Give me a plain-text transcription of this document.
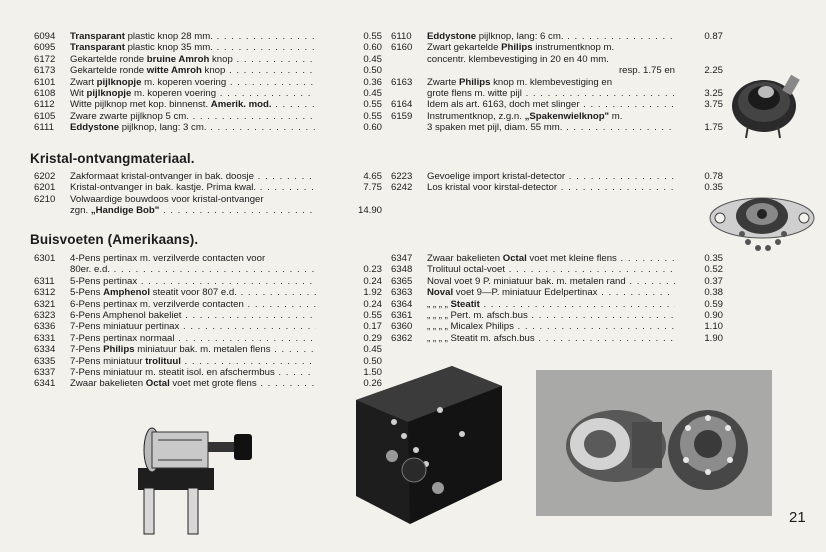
6094 Transparant plastic knop 28 mm. . . .	0.55
6095 Transparant plastic knop 35 mm. . . .	0.60
6172 Gekartelde ronde bruine Amroh knop . . .	0.45
6173 Gekartelde ronde witte Amroh knop . . .	0.50
6101 Zwart pijlknopje m. koperen voering . . .	0.36
6108 Wit pijlknopje m. koperen voering . . .	0.45
6112 Witte pijlknop met kop. binnenst. Amerik. mod. . . .	0.55
6105 Zware zwarte pijlknop 5 cm. . . .	0.55
6111 Eddystone pijlknop, lang: 3 cm. . . .	0.60
6110 Eddystone pijlknop, lang: 6 cm. . . .	0.87
6160 Zwart gekartelde Philips instrumentknop m.
concentr. klembevestiging in 20 en 40 mm.
resp. 1.75 en	2.25
6163 Zwarte Philips knop m. klembevestiging en
grote flens m. witte pijl . . .	3.25
6164 Idem als art. 6163, doch met slinger . . .	3.75
6159 Instrumentknop, z.g.n. „Spakenwielknop" m.
3 spaken met pijl, diam. 55 mm. . . .	1.75
Kristal-ontvangmateriaal.
6202 Zakformaat kristal-ontvanger in bak. doosje . . .	4.65
6201 Kristal-ontvanger in bak. kastje. Prima kwal. . . .	7.75
6210 Volwaardige bouwdoos voor kristal-ontvanger
zgn. „Handige Bob" . . .	14.90
6223 Gevoelige import kristal-detector . . .	0.78
6242 Los kristal voor kirstal-detector . . .	0.35
Buisvoeten (Amerikaans).
6301 4-Pens pertinax m. verzilverde contacten voor
80er. e.d. . . .	0.23
6311 5-Pens pertinax . . .	0.24
6312 5-Pens Amphenol steatit voor 807 e.d. . . .	1.92
6321 6-Pens pertinax m. verzilverde contacten . . .	0.24
6323 6-Pens Amphenol bakeliet . . .	0.55
6336 7-Pens miniatuur pertinax . . .	0.17
6331 7-Pens pertinax normaal . . .	0.29
6334 7-Pens Philips miniatuur bak. m. metalen flens . . .	0.45
6335 7-Pens miniatuur trolituul . . .	0.50
6337 7-Pens miniatuur m. steatit isol. en afschermbus . . .	1.50
6341 Zwaar bakelieten Octal voet met grote flens . . .	0.26
6347 Zwaar bakelieten Octal voet met kleine flens . . .	0.35
6348 Trolituul octal-voet . . .	0.52
6365 Noval voet 9 P. miniatuur bak. m. metalen rand . . .	0.37
6363 Noval voet 9—P. miniatuur Edelpertinax . . .	0.38
6364 „ „ „ „ Steatit . . .	0.59
6361 „ „ „ „ Pert. m. afsch.bus . . .	0.90
6360 „ „ „ „ Micalex Philips . . .	1.10
6362 „ „ „ „ Steatit m. afsch.bus . . .	1.90
21
